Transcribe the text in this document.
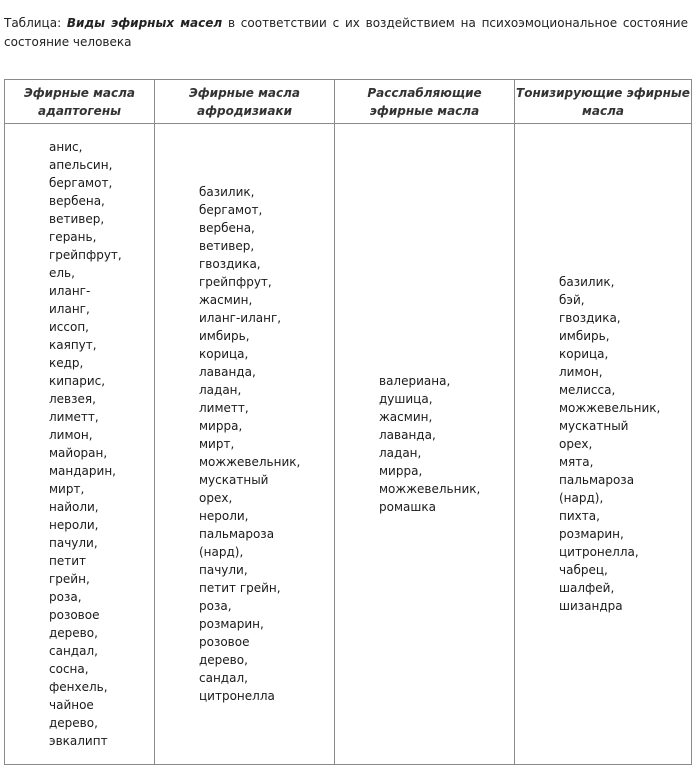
Таблица: Виды эфирных масел в соответствии с их воздействием на психоэмоциональное состояние состояние человека
Эфирные масла адаптогены
Эфирные масла афродизиаки
Расслабляющие эфирные масла
Тонизирующие эфирные масла
анис,
апельсин,
бергамот,
вербена,
ветивер,
герань,
грейпфрут,
ель,
иланг-
иланг,
иссоп,
каяпут,
кедр,
кипарис,
левзея,
лиметт,
лимон,
майоран,
мандарин,
мирт,
найоли,
нероли,
пачули,
петит
грейн,
роза,
розовое
дерево,
сандал,
сосна,
фенхель,
чайное
дерево,
эвкалипт
базилик,
бергамот,
вербена,
ветивер,
гвоздика,
грейпфрут,
жасмин,
иланг-иланг,
имбирь,
корица,
лаванда,
ладан,
лиметт,
мирра,
мирт,
можжевельник,
мускатный
орех,
нероли,
пальмароза
(нард),
пачули,
петит грейн,
роза,
розмарин,
розовое
дерево,
сандал,
цитронелла
валериана,
душица,
жасмин,
лаванда,
ладан,
мирра,
можжевельник,
ромашка
базилик,
бэй,
гвоздика,
имбирь,
корица,
лимон,
мелисса,
можжевельник,
мускатный
орех,
мята,
пальмароза
(нард),
пихта,
розмарин,
цитронелла,
чабрец,
шалфей,
шизандра
